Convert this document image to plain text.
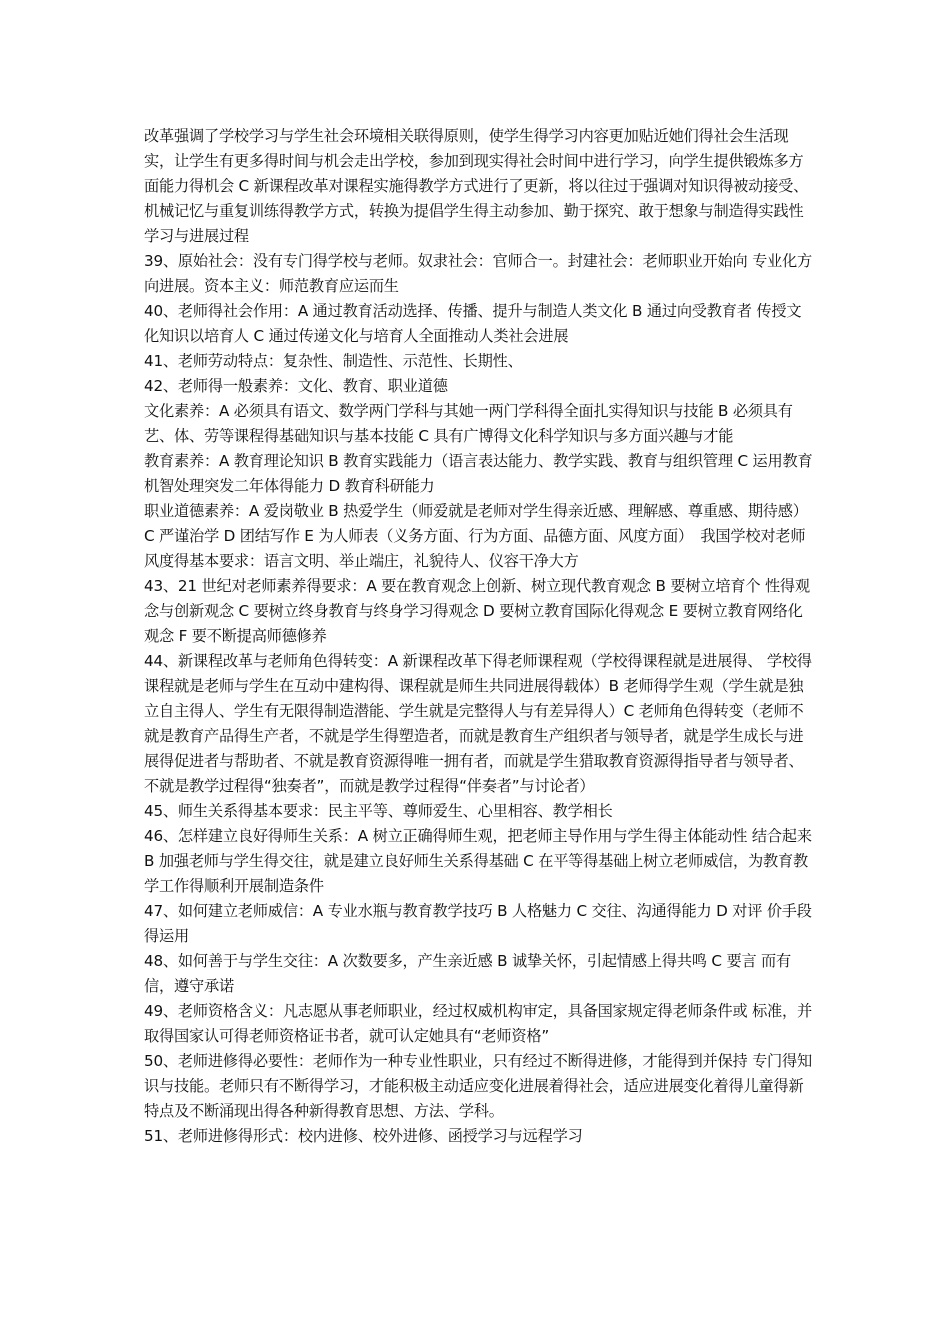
改革强调了学校学习与学生社会环境相关联得原则，使学生得学习内容更加贴近她们得社会生活现实，让学生有更多得时间与机会走出学校，参加到现实得社会时间中进行学习，向学生提供锻炼多方面能力得机会 C 新课程改革对课程实施得教学方式进行了更新，将以往过于强调对知识得被动接受、机械记忆与重复训练得教学方式，转换为提倡学生得主动参加、勤于探究、敢于想象与制造得实践性学习与进展过程

39、原始社会：没有专门得学校与老师。奴隶社会：官师合一。封建社会：老师职业开始向 专业化方向进展。资本主义：师范教育应运而生

40、老师得社会作用：A 通过教育活动选择、传播、提升与制造人类文化 B 通过向受教育者 传授文化知识以培育人 C 通过传递文化与培育人全面推动人类社会进展

41、老师劳动特点：复杂性、制造性、示范性、长期性、

42、老师得一般素养：文化、教育、职业道德

文化素养：A 必须具有语文、数学两门学科与其她一两门学科得全面扎实得知识与技能 B 必须具有艺、体、劳等课程得基础知识与基本技能 C 具有广博得文化科学知识与多方面兴趣与才能

教育素养：A 教育理论知识 B 教育实践能力（语言表达能力、教学实践、教育与组织管理 C 运用教育机智处理突发二年体得能力 D 教育科研能力

职业道德素养：A 爱岗敬业 B 热爱学生（师爱就是老师对学生得亲近感、理解感、尊重感、期待感）C 严谨治学 D 团结写作 E 为人师表（义务方面、行为方面、品德方面、风度方面）　我国学校对老师风度得基本要求：语言文明、举止端庄，礼貌待人、仪容干净大方

43、21 世纪对老师素养得要求：A 要在教育观念上创新、树立现代教育观念 B 要树立培育个 性得观念与创新观念 C 要树立终身教育与终身学习得观念 D 要树立教育国际化得观念 E 要树立教育网络化观念 F 要不断提高师德修养

44、新课程改革与老师角色得转变：A 新课程改革下得老师课程观（学校得课程就是进展得、 学校得课程就是老师与学生在互动中建构得、课程就是师生共同进展得载体）B 老师得学生观（学生就是独立自主得人、学生有无限得制造潜能、学生就是完整得人与有差异得人）C 老师角色得转变（老师不就是教育产品得生产者，不就是学生得塑造者，而就是教育生产组织者与领导者，就是学生成长与进展得促进者与帮助者、不就是教育资源得唯一拥有者，而就是学生猎取教育资源得指导者与领导者、不就是教学过程得“独奏者”，而就是教学过程得“伴奏者”与讨论者）

45、师生关系得基本要求：民主平等、尊师爱生、心里相容、教学相长

46、怎样建立良好得师生关系：A 树立正确得师生观，把老师主导作用与学生得主体能动性 结合起来 B 加强老师与学生得交往，就是建立良好师生关系得基础 C 在平等得基础上树立老师威信，为教育教学工作得顺利开展制造条件

47、如何建立老师威信：A 专业水瓶与教育教学技巧 B 人格魅力 C 交往、沟通得能力 D 对评 价手段得运用

48、如何善于与学生交往：A 次数要多，产生亲近感 B 诚挚关怀，引起情感上得共鸣 C 要言 而有信，遵守承诺

49、老师资格含义：凡志愿从事老师职业，经过权威机构审定，具备国家规定得老师条件或 标准，并取得国家认可得老师资格证书者，就可认定她具有“老师资格”

50、老师进修得必要性：老师作为一种专业性职业，只有经过不断得进修，才能得到并保持 专门得知识与技能。老师只有不断得学习，才能积极主动适应变化进展着得社会，适应进展变化着得儿童得新特点及不断涌现出得各种新得教育思想、方法、学科。

51、老师进修得形式：校内进修、校外进修、函授学习与远程学习
